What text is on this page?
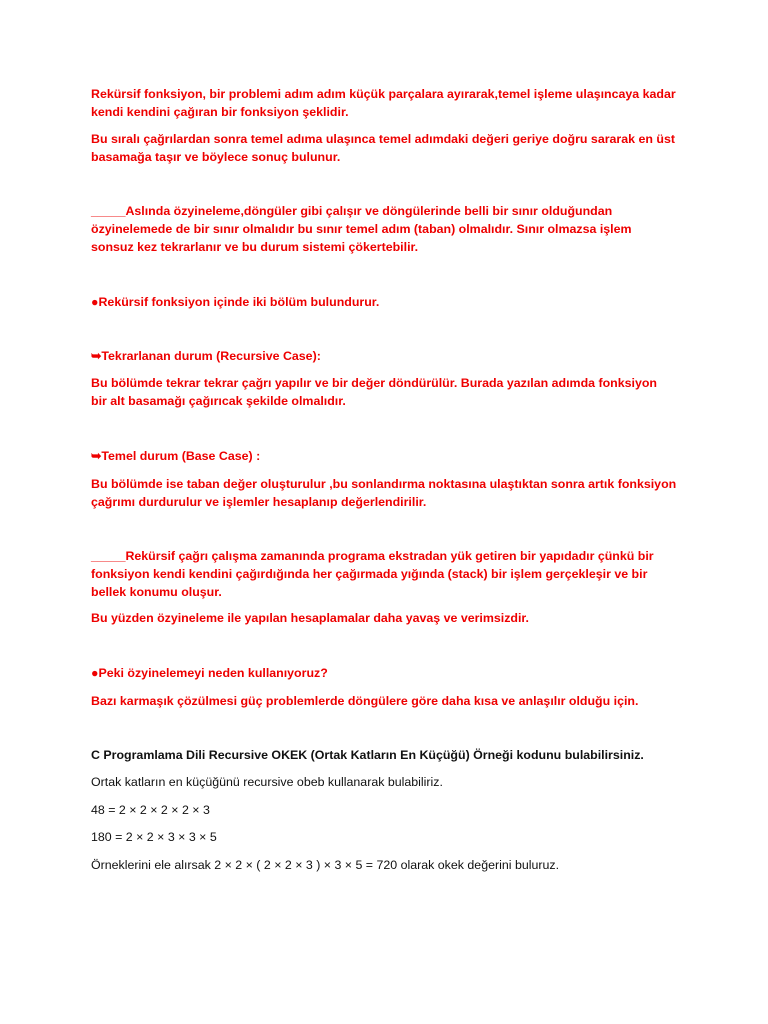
Rekürsif fonksiyon, bir problemi adım adım küçük parçalara ayırarak,temel işleme ulaşıncaya kadar
kendi kendini çağıran bir fonksiyon şeklidir.

Bu sıralı çağrılardan sonra temel adıma ulaşınca temel adımdaki değeri geriye doğru sararak en üst
basamağa taşır ve böylece sonuç bulunur.

_____Aslında özyineleme,döngüler gibi çalışır ve döngülerinde belli bir sınır olduğundan
özyinelemede de bir sınır olmalıdır bu sınır temel adım (taban) olmalıdır. Sınır olmazsa işlem
sonsuz kez tekrarlanır ve bu durum sistemi çökertebilir.

●Rekürsif fonksiyon içinde iki bölüm bulundurur.

➥Tekrarlanan durum (Recursive Case):

Bu bölümde tekrar tekrar çağrı yapılır ve bir değer döndürülür. Burada yazılan adımda fonksiyon
bir alt basamağı çağırıcak şekilde olmalıdır.

➥Temel durum (Base Case) :

Bu bölümde ise taban değer oluşturulur ,bu sonlandırma noktasına ulaştıktan sonra artık fonksiyon
çağrımı durdurulur ve işlemler hesaplanıp değerlendirilir.

_____Rekürsif çağrı çalışma zamanında programa ekstradan yük getiren bir yapıdadır çünkü bir
fonksiyon kendi kendini çağırdığında her çağırmada yığında (stack) bir işlem gerçekleşir ve bir
bellek konumu oluşur.

Bu yüzden özyineleme ile yapılan hesaplamalar daha yavaş ve verimsizdir.

●Peki özyinelemeyi neden kullanıyoruz?

Bazı karmaşık çözülmesi güç problemlerde döngülere göre daha kısa ve anlaşılır olduğu için.

C Programlama Dili Recursive OKEK (Ortak Katların En Küçüğü) Örneği kodunu bulabilirsiniz.

Ortak katların en küçüğünü recursive obeb kullanarak bulabiliriz.

48 = 2 × 2 × 2 × 2 × 3

180 = 2 × 2 × 3 × 3 × 5

Örneklerini ele alırsak 2 × 2 × ( 2 × 2 × 3 ) × 3 × 5 = 720 olarak okek değerini buluruz.
